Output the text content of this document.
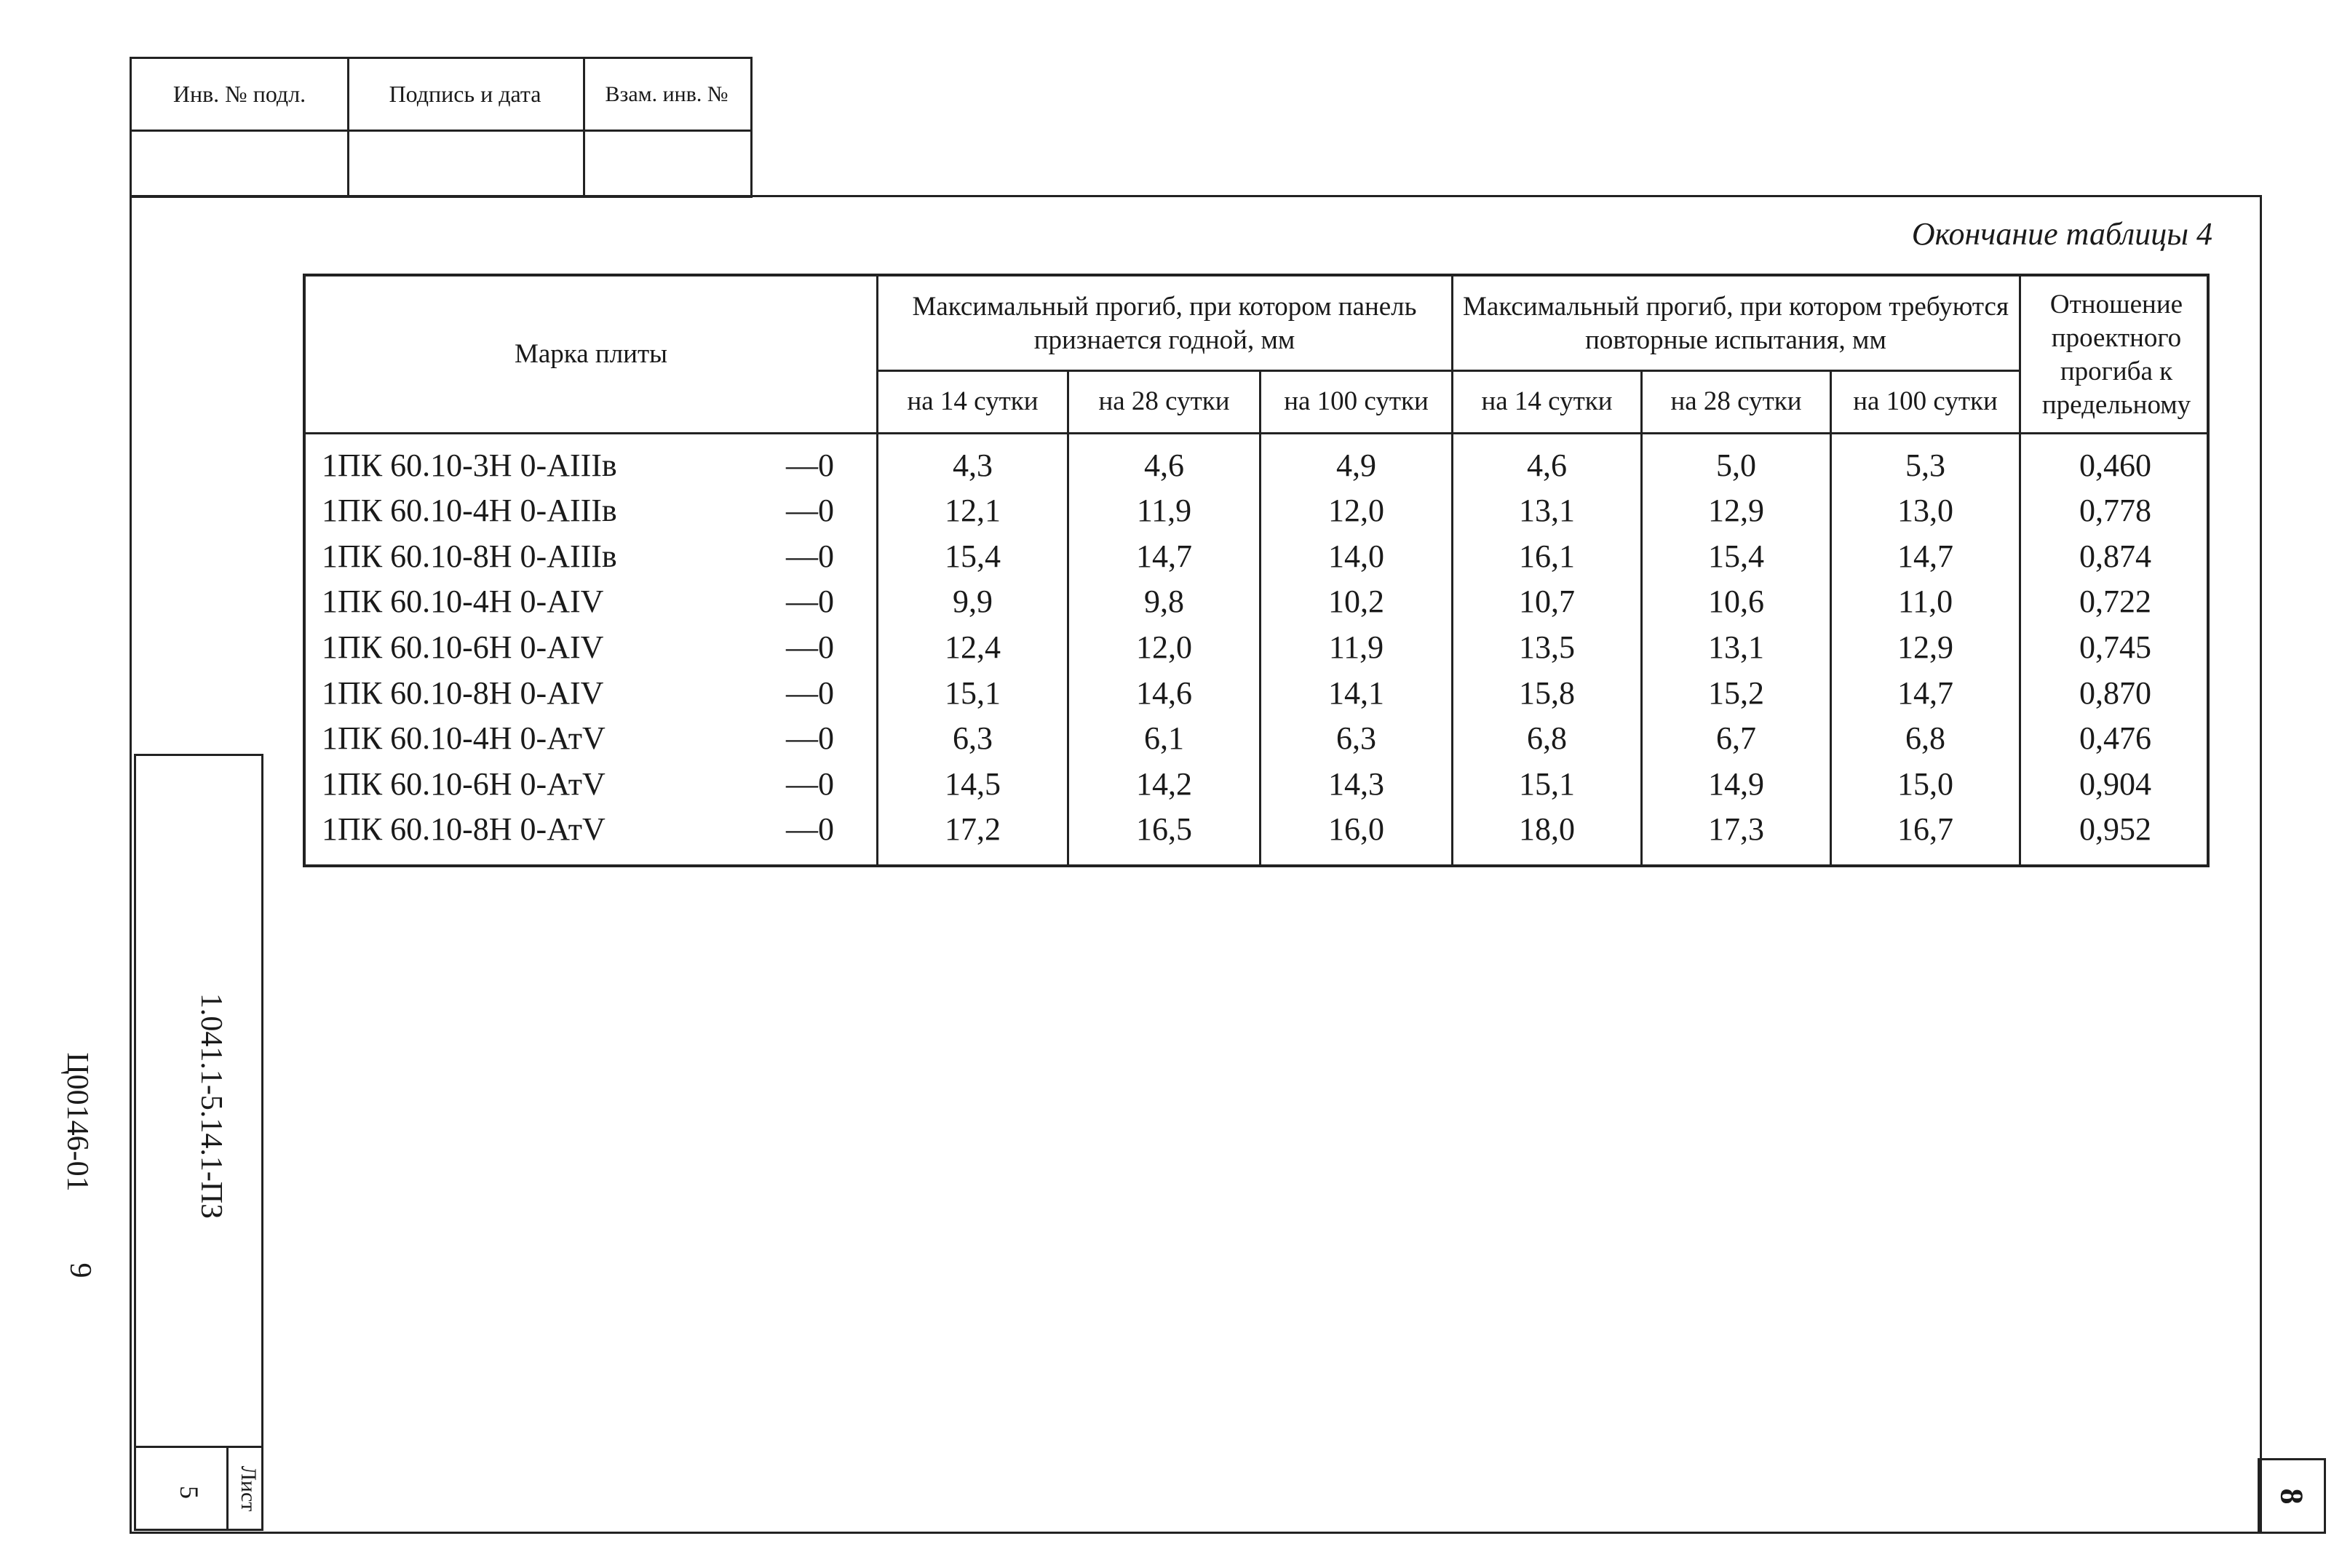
Инв. № подл.	Подпись и дата	Взам. инв. №
Окончание таблицы 4
Марка плиты
Максимальный прогиб, при котором панель признается годной, мм
Максимальный прогиб, при котором требуются повторные испытания, мм
Отношение проектного прогиба к предельному
на 14 сутки	на 28 сутки	на 100 сутки	на 14 сутки	на 28 сутки	на 100 сутки
1ПК 60.10-3Н 0-АIIIв	—0	4,3	4,6	4,9	4,6	5,0	5,3	0,460
1ПК 60.10-4Н 0-АIIIв	—0	12,1	11,9	12,0	13,1	12,9	13,0	0,778
1ПК 60.10-8Н 0-АIIIв	—0	15,4	14,7	14,0	16,1	15,4	14,7	0,874
1ПК 60.10-4Н 0-АIV	—0	9,9	9,8	10,2	10,7	10,6	11,0	0,722
1ПК 60.10-6Н 0-АIV	—0	12,4	12,0	11,9	13,5	13,1	12,9	0,745
1ПК 60.10-8Н 0-АIV	—0	15,1	14,6	14,1	15,8	15,2	14,7	0,870
1ПК 60.10-4Н 0-АтV	—0	6,3	6,1	6,3	6,8	6,7	6,8	0,476
1ПК 60.10-6Н 0-АтV	—0	14,5	14,2	14,3	15,1	14,9	15,0	0,904
1ПК 60.10-8Н 0-АтV	—0	17,2	16,5	16,0	18,0	17,3	16,7	0,952
1.041.1-5.14.1-ПЗ
Лист
5
Ц00146-01
9
8
